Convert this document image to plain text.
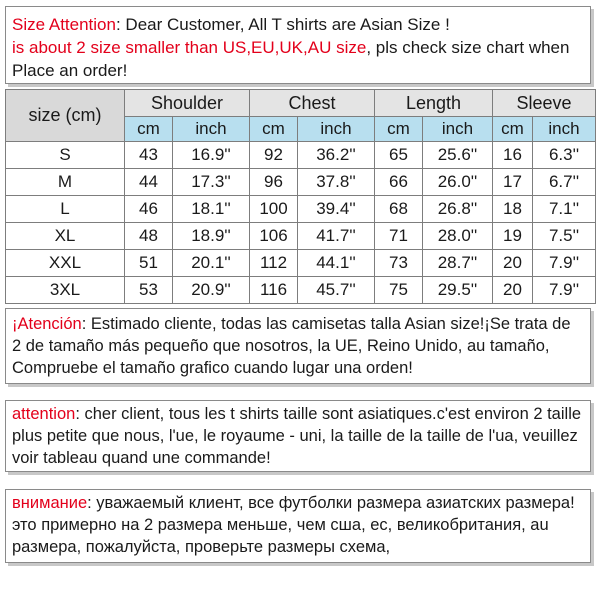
Size Attention: Dear Customer, All T shirts are Asian Size !
is about 2 size smaller than US,EU,UK,AU size, pls check size chart when Place an order!
size (cm)	Shoulder		Chest		Length		Sleeve	
	cm	inch	cm	inch	cm	inch	cm	inch
S	43	16.9''	92	36.2''	65	25.6''	16	6.3''
M	44	17.3''	96	37.8''	66	26.0''	17	6.7''
L	46	18.1''	100	39.4''	68	26.8''	18	7.1''
XL	48	18.9''	106	41.7''	71	28.0''	19	7.5''
XXL	51	20.1''	112	44.1''	73	28.7''	20	7.9''
3XL	53	20.9''	116	45.7''	75	29.5''	20	7.9''
¡Atención: Estimado cliente, todas las camisetas talla Asian size!¡Se trata de 2 de tamaño más pequeño que nosotros, la UE, Reino Unido, au tamaño, Compruebe el tamaño grafico cuando lugar una orden!
attention: cher client, tous les t shirts taille sont asiatiques.c'est environ 2 taille plus petite que nous, l'ue, le royaume - uni, la taille de la taille de l'ua, veuillez voir tableau quand une commande!
внимание: уважаемый клиент, все футболки размера азиатских размера!это примерно на 2 размера меньше, чем сша, ес, великобритания, au размера, пожалуйста, проверьте размеры схема,
